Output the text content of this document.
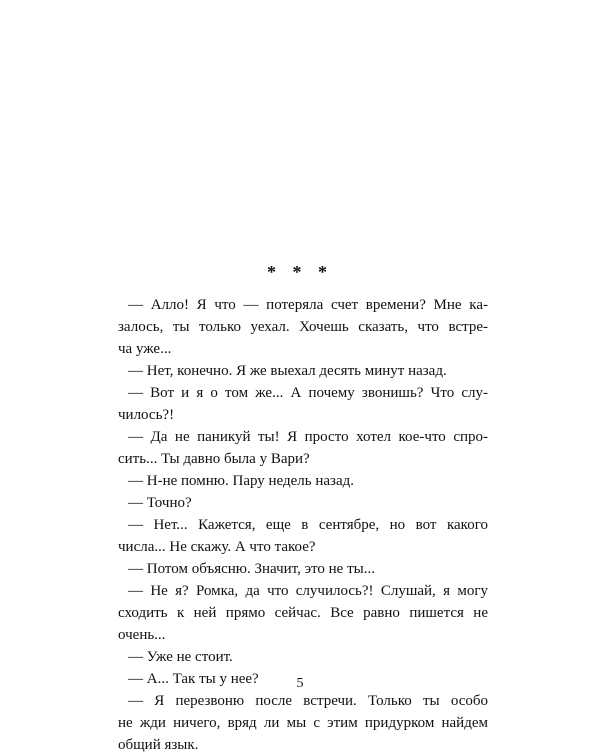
* * *
— Алло! Я что — потеряла счет времени? Мне ка-
залось, ты только уехал. Хочешь сказать, что встре-
ча уже...
— Нет, конечно. Я же выехал десять минут назад.
— Вот и я о том же... А почему звонишь? Что слу-
чилось?!
— Да не паникуй ты! Я просто хотел кое-что спро-
сить... Ты давно была у Вари?
— Н-не помню. Пару недель назад.
— Точно?
— Нет... Кажется, еще в сентябре, но вот какого
числа... Не скажу. А что такое?
— Потом объясню. Значит, это не ты...
— Не я? Ромка, да что случилось?! Слушай, я могу
сходить к ней прямо сейчас. Все равно пишется не
очень...
— Уже не стоит.
— А... Так ты у нее?
— Я перезвоню после встречи. Только ты особо
не жди ничего, вряд ли мы с этим придурком найдем
общий язык.
5
